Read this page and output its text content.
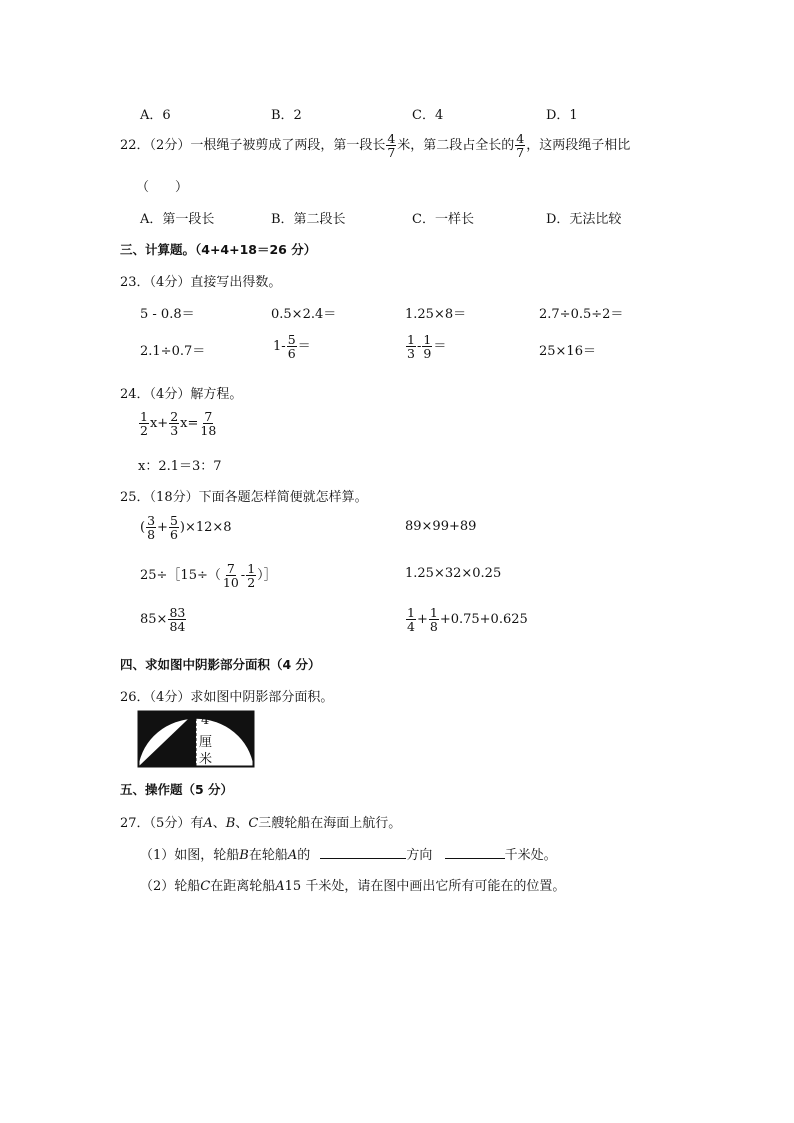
A．6	B．2	C．4	D．1
22．（2分）一根绳子被剪成了两段，第一段长 $\frac{4}{7}$ 米，第二段占全长的 $\frac{4}{7}$ ，这两段绳子相比
（　　）
A．第一段长	B．第二段长	C．一样长	D．无法比较
三、计算题。（4+4+18＝26 分）
23．（4分）直接写出得数。
5 - 0.8＝	0.5×2.4＝	1.25×8＝	2.7÷0.5÷2＝
2.1÷0.7＝	$1- \frac{5}{6}$ ＝	$\frac{1}{3} - \frac{1}{9}$ ＝	25×16＝
24．（4分）解方程。
$\frac{1}{2} x+ \frac{2}{3} x= \frac{7}{18}$
x：2.1＝3：7
25．（18分）下面各题怎样简便就怎样算。
( $\frac{3}{8} + \frac{5}{6} )\times 12\times 8$	89×99+89
25÷［15÷（ $\frac{7}{10} - \frac{1}{2}$ ）］	1.25×32×0.25
$85\times \frac{83}{84}$	$\frac{1}{4} + \frac{1}{8} +0.75+0.625$
四、求如图中阴影部分面积（4 分）
26．（4分）求如图中阴影部分面积。
4
厘
米
五、操作题（5 分）
27．（5分）有A、B、C三艘轮船在海面上航行。
（1）如图，轮船B在轮船A的	方向	千米处。
（2）轮船C在距离轮船A15 千米处，请在图中画出它所有可能在的位置。
